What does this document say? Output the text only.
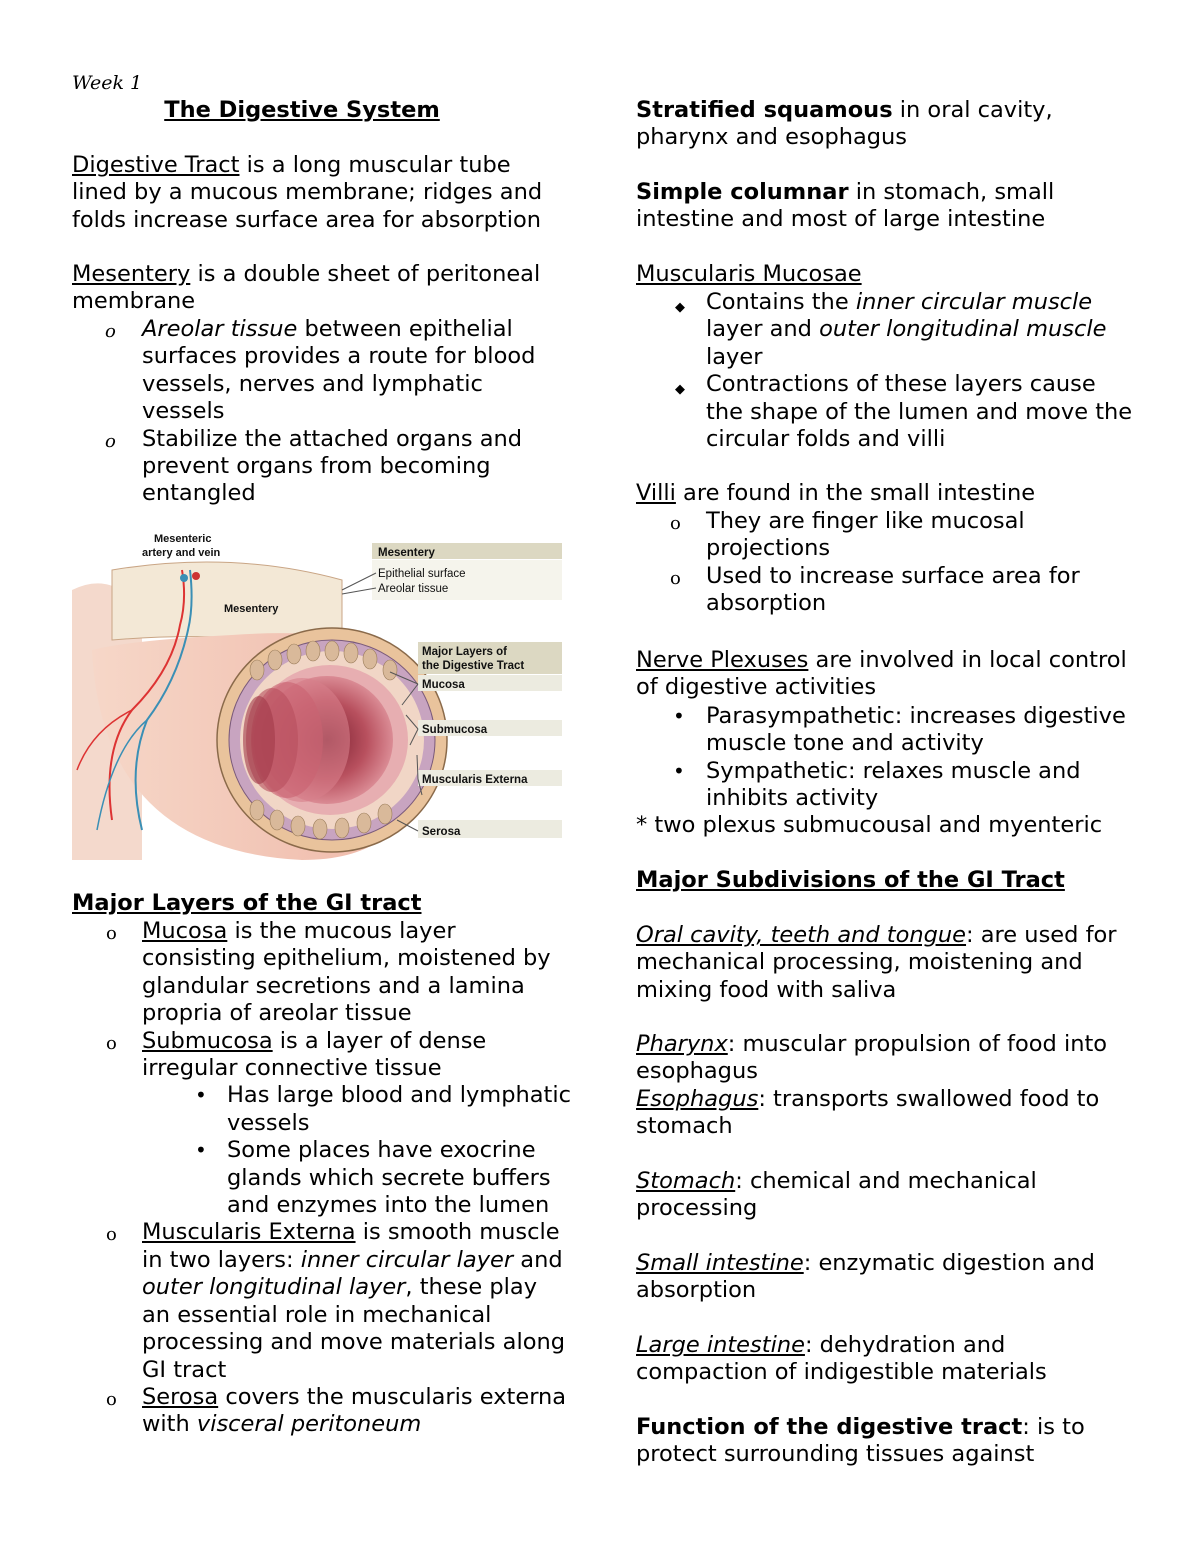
Week 1
The Digestive System
Digestive Tract is a long muscular tube lined by a mucous membrane; ridges and folds increase surface area for absorption
Mesentery is a double sheet of peritoneal membrane
o Areolar tissue between epithelial surfaces provides a route for blood vessels, nerves and lymphatic vessels
o Stabilize the attached organs and prevent organs from becoming entangled
Mesenteric
artery and vein
Mesentery
Mesentery
Epithelial surface
Areolar tissue
Major Layers of
the Digestive Tract
Mucosa
Submucosa
Muscularis Externa
Serosa
Major Layers of the GI tract
o Mucosa is the mucous layer consisting epithelium, moistened by glandular secretions and a lamina propria of areolar tissue
o Submucosa is a layer of dense irregular connective tissue
• Has large blood and lymphatic vessels
• Some places have exocrine glands which secrete buffers and enzymes into the lumen
o Muscularis Externa is smooth muscle in two layers: inner circular layer and outer longitudinal layer, these play an essential role in mechanical processing and move materials along GI tract
o Serosa covers the muscularis externa with visceral peritoneum
Stratified squamous in oral cavity, pharynx and esophagus
Simple columnar in stomach, small intestine and most of large intestine
Muscularis Mucosae
◆ Contains the inner circular muscle layer and outer longitudinal muscle layer
◆ Contractions of these layers cause the shape of the lumen and move the circular folds and villi
Villi are found in the small intestine
o They are finger like mucosal projections
o Used to increase surface area for absorption
Nerve Plexuses are involved in local control of digestive activities
• Parasympathetic: increases digestive muscle tone and activity
• Sympathetic: relaxes muscle and inhibits activity
* two plexus submucousal and myenteric
Major Subdivisions of the GI Tract
Oral cavity, teeth and tongue: are used for mechanical processing, moistening and mixing food with saliva
Pharynx: muscular propulsion of food into esophagus
Esophagus: transports swallowed food to stomach
Stomach: chemical and mechanical processing
Small intestine: enzymatic digestion and absorption
Large intestine: dehydration and compaction of indigestible materials
Function of the digestive tract: is to protect surrounding tissues against
